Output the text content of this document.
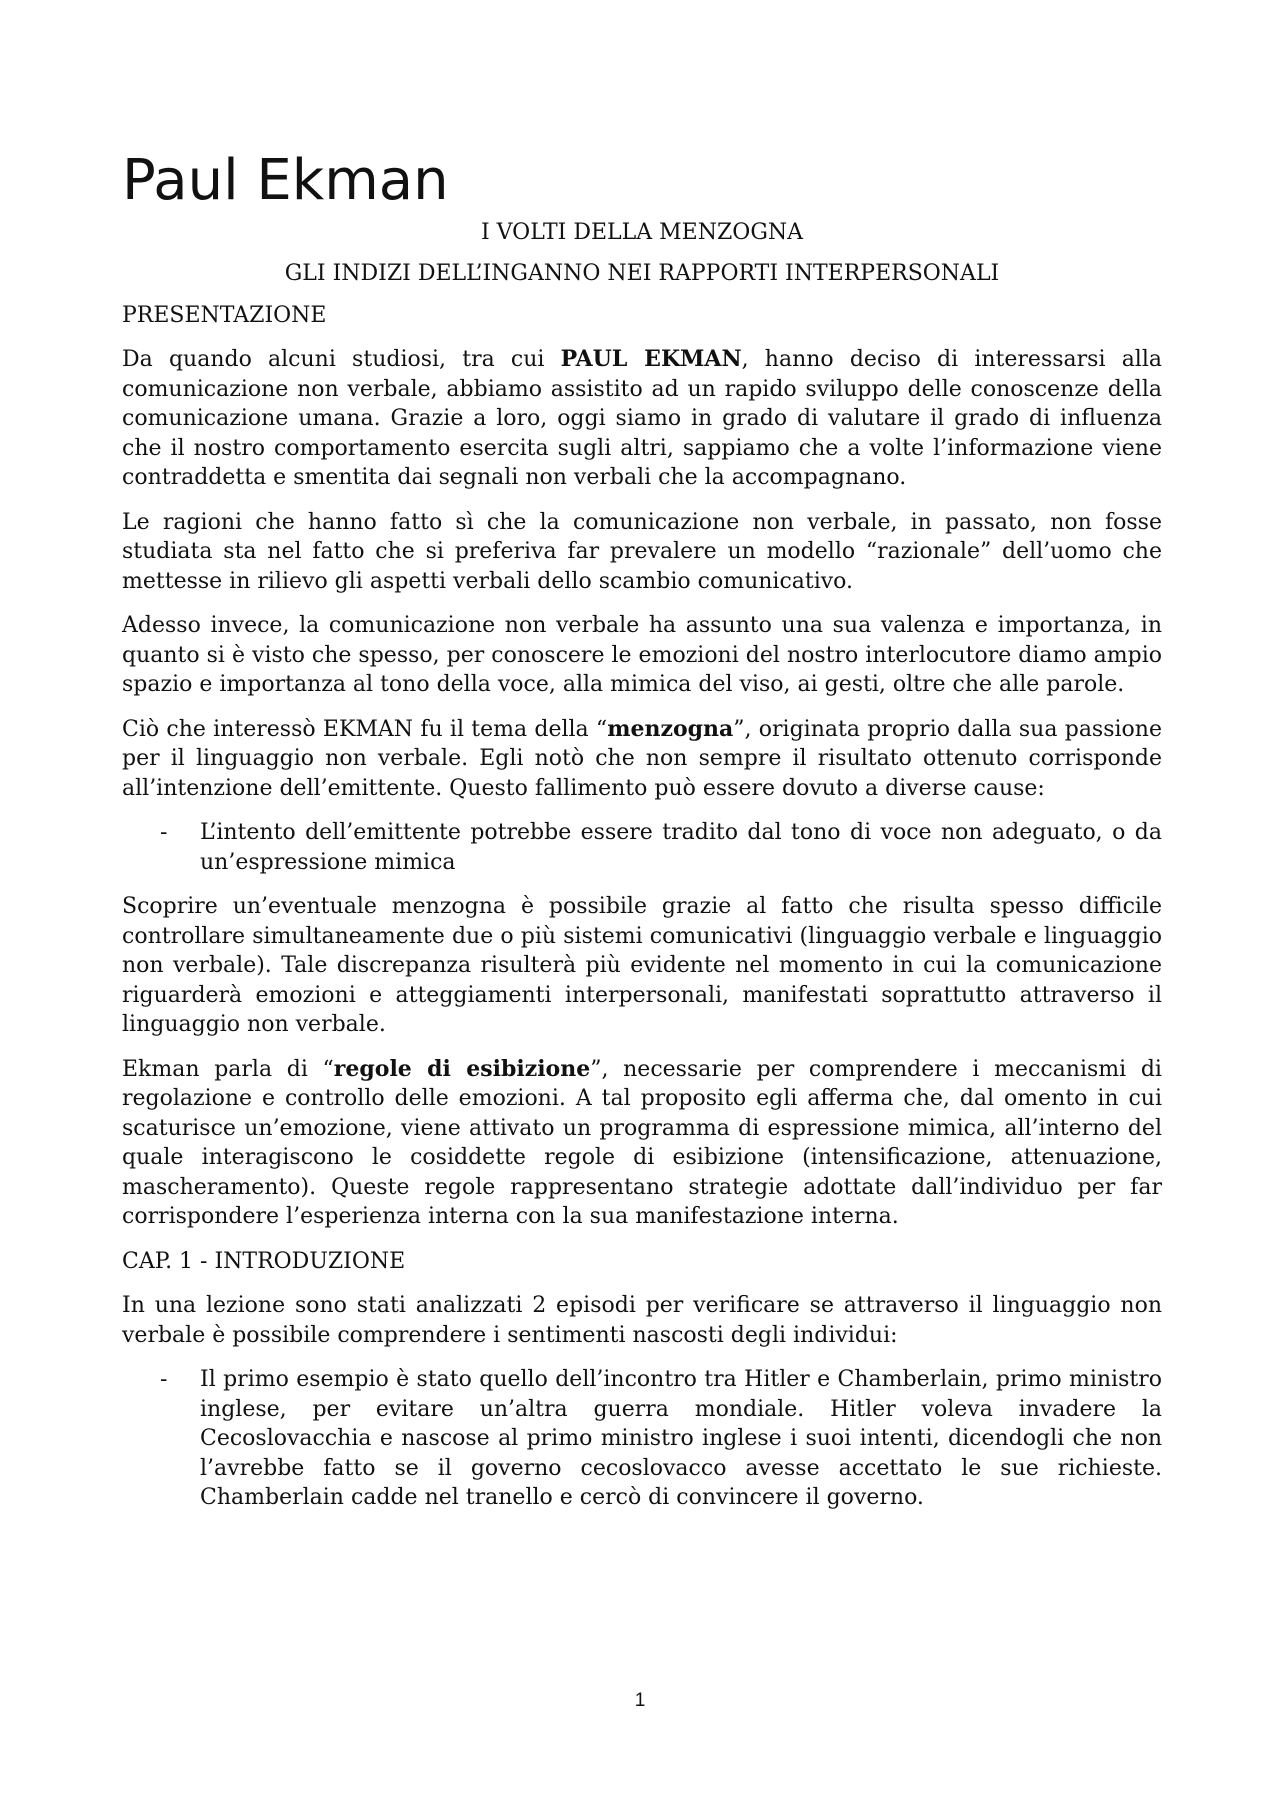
Paul Ekman
I VOLTI DELLA MENZOGNA
GLI INDIZI DELL’INGANNO NEI RAPPORTI INTERPERSONALI
PRESENTAZIONE

Da quando alcuni studiosi, tra cui PAUL EKMAN, hanno deciso di interessarsi alla comunicazione non verbale, abbiamo assistito ad un rapido sviluppo delle conoscenze della comunicazione umana. Grazie a loro, oggi siamo in grado di valutare il grado di influenza che il nostro comportamento esercita sugli altri, sappiamo che a volte l’informazione viene contraddetta e smentita dai segnali non verbali che la accompagnano.

Le ragioni che hanno fatto sì che la comunicazione non verbale, in passato, non fosse studiata sta nel fatto che si preferiva far prevalere un modello “razionale” dell’uomo che mettesse in rilievo gli aspetti verbali dello scambio comunicativo.

Adesso invece, la comunicazione non verbale ha assunto una sua valenza e importanza, in quanto si è visto che spesso, per conoscere le emozioni del nostro interlocutore diamo ampio spazio e importanza al tono della voce, alla mimica del viso, ai gesti, oltre che alle parole.

Ciò che interessò EKMAN fu il tema della “menzogna”, originata proprio dalla sua passione per il linguaggio non verbale. Egli notò che non sempre il risultato ottenuto corrisponde all’intenzione dell’emittente. Questo fallimento può essere dovuto a diverse cause:

- L’intento dell’emittente potrebbe essere tradito dal tono di voce non adeguato, o da un’espressione mimica

Scoprire un’eventuale menzogna è possibile grazie al fatto che risulta spesso difficile controllare simultaneamente due o più sistemi comunicativi (linguaggio verbale e linguaggio non verbale). Tale discrepanza risulterà più evidente nel momento in cui la comunicazione riguarderà emozioni e atteggiamenti interpersonali, manifestati soprattutto attraverso il linguaggio non verbale.

Ekman parla di “regole di esibizione”, necessarie per comprendere i meccanismi di regolazione e controllo delle emozioni. A tal proposito egli afferma che, dal omento in cui scaturisce un’emozione, viene attivato un programma di espressione mimica, all’interno del quale interagiscono le cosiddette regole di esibizione (intensificazione, attenuazione, mascheramento). Queste regole rappresentano strategie adottate dall’individuo per far corrispondere l’esperienza interna con la sua manifestazione interna.

CAP. 1 - INTRODUZIONE

In una lezione sono stati analizzati 2 episodi per verificare se attraverso il linguaggio non verbale è possibile comprendere i sentimenti nascosti degli individui:

- Il primo esempio è stato quello dell’incontro tra Hitler e Chamberlain, primo ministro inglese, per evitare un’altra guerra mondiale. Hitler voleva invadere la Cecoslovacchia e nascose al primo ministro inglese i suoi intenti, dicendogli che non l’avrebbe fatto se il governo cecoslovacco avesse accettato le sue richieste. Chamberlain cadde nel tranello e cercò di convincere il governo.
1
